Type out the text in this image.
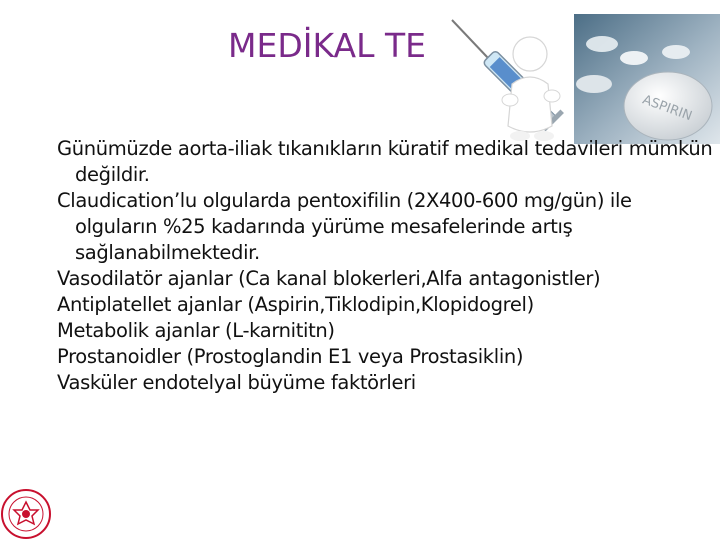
MEDİKAL TE
ASPIRIN
Günümüzde aorta-iliak tıkanıkların küratif medikal tedavileri mümkün değildir.
Claudication’lu olgularda pentoxifilin (2X400-600 mg/gün) ile olguların %25 kadarında yürüme mesafelerinde artış sağlanabilmektedir.
Vasodilatör ajanlar (Ca kanal blokerleri,Alfa antagonistler)
Antiplatellet ajanlar (Aspirin,Tiklodipin,Klopidogrel)
Metabolik ajanlar (L-karnititn)
Prostanoidler (Prostoglandin E1 veya Prostasiklin)
Vasküler endotelyal büyüme faktörleri
